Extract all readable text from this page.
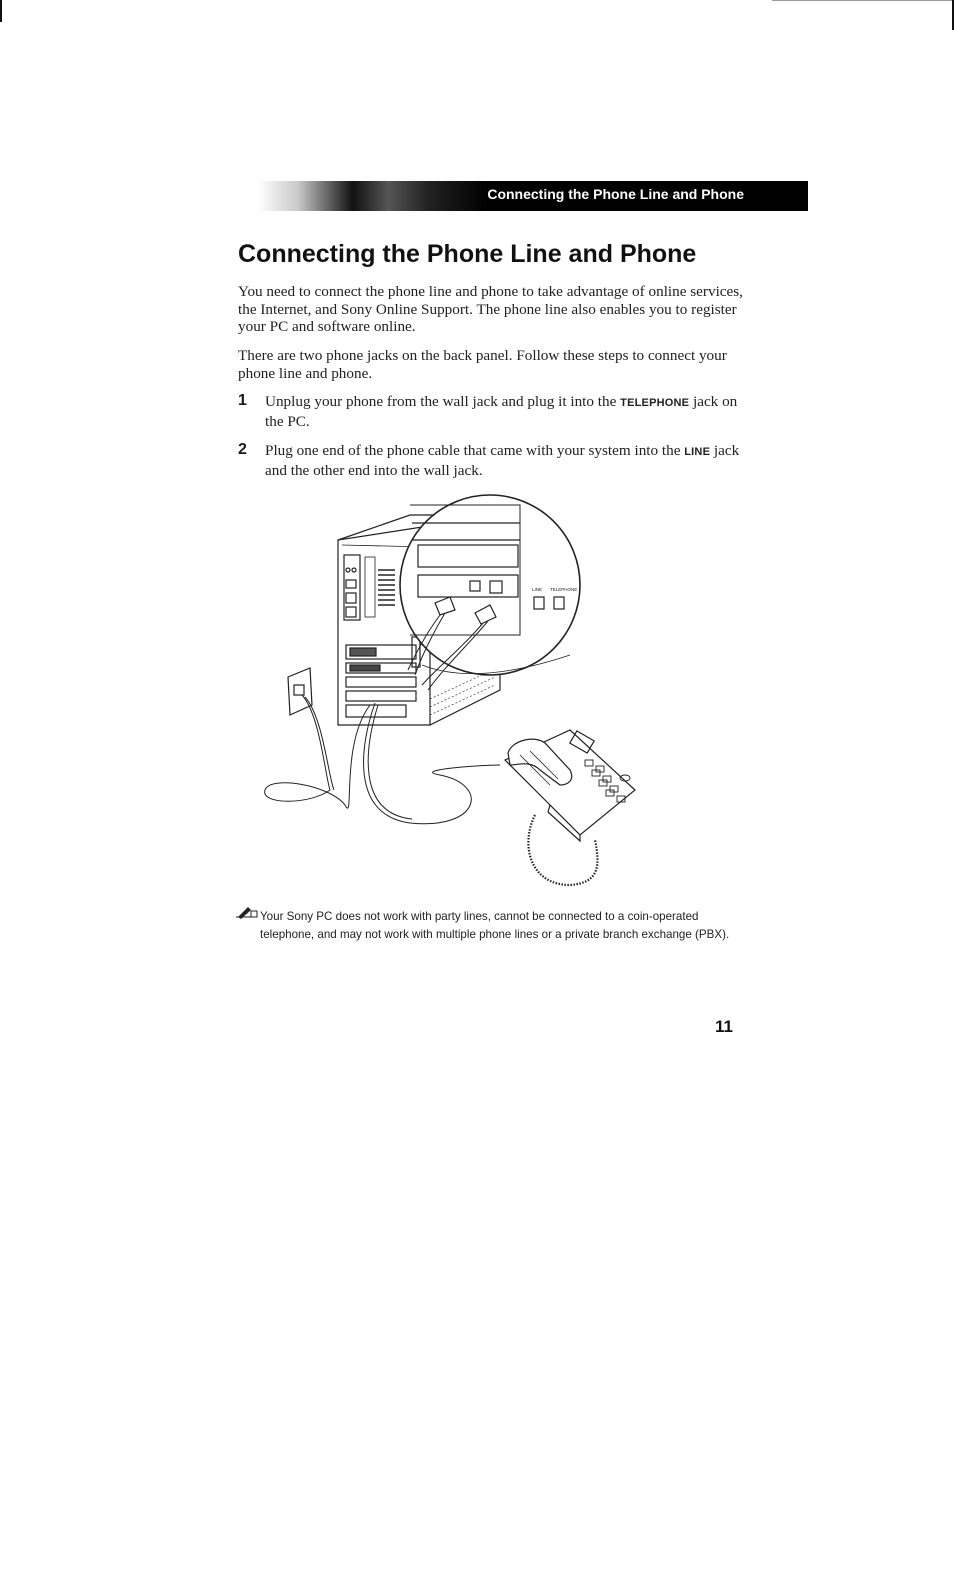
Connecting the Phone Line and Phone
Connecting the Phone Line and Phone

You need to connect the phone line and phone to take advantage of online services, the Internet, and Sony Online Support. The phone line also enables you to register your PC and software online.

There are two phone jacks on the back panel. Follow these steps to connect your phone line and phone.

1 Unplug your phone from the wall jack and plug it into the TELEPHONE jack on the PC.

2 Plug one end of the phone cable that came with your system into the LINE jack and the other end into the wall jack.

LINE TELEPHONE

Your Sony PC does not work with party lines, cannot be connected to a coin-operated telephone, and may not work with multiple phone lines or a private branch exchange (PBX).

11
